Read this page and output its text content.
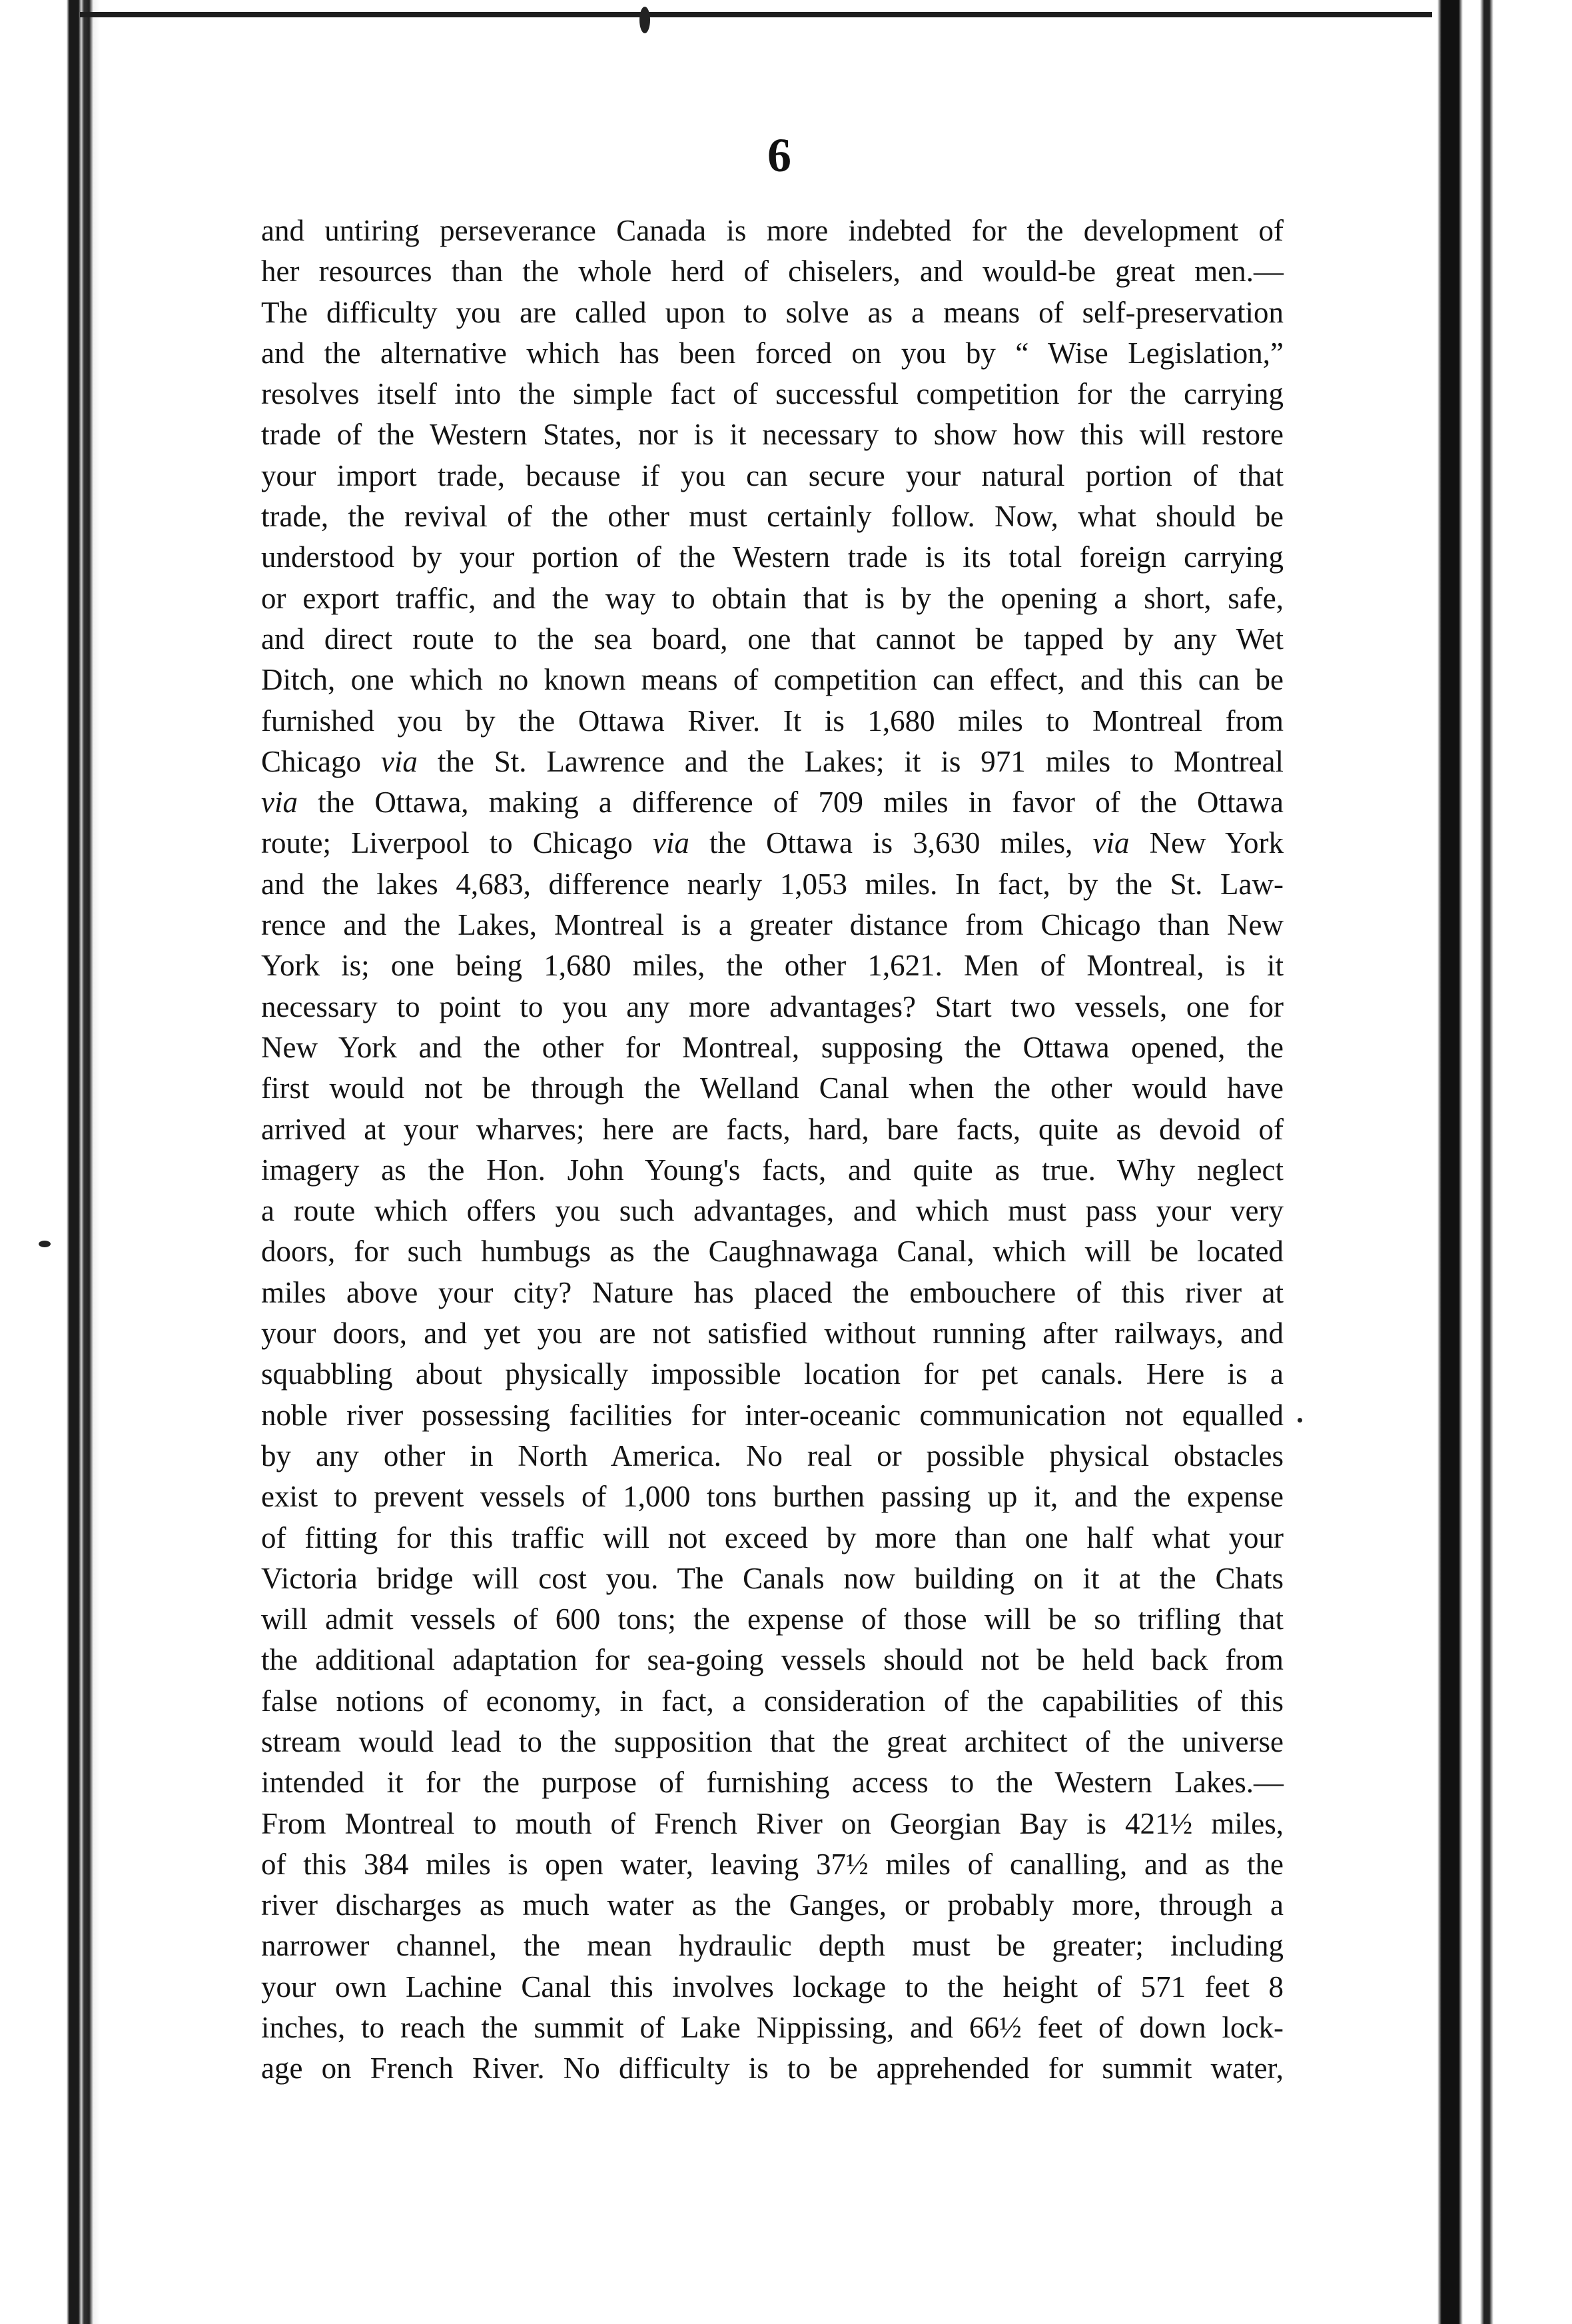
6
and untiring perseverance Canada is more indebted for the development of
her resources than the whole herd of chiselers, and would-be great men.—
The difficulty you are called upon to solve as a means of self-preservation
and the alternative which has been forced on you by “ Wise Legislation,”
resolves itself into the simple fact of successful competition for the carrying
trade of the Western States, nor is it necessary to show how this will restore
your import trade, because if you can secure your natural portion of that
trade, the revival of the other must certainly follow. Now, what should be
understood by your portion of the Western trade is its total foreign carrying
or export traffic, and the way to obtain that is by the opening a short, safe,
and direct route to the sea board, one that cannot be tapped by any Wet
Ditch, one which no known means of competition can effect, and this can be
furnished you by the Ottawa River. It is 1,680 miles to Montreal from
Chicago via the St. Lawrence and the Lakes; it is 971 miles to Montreal
via the Ottawa, making a difference of 709 miles in favor of the Ottawa
route; Liverpool to Chicago via the Ottawa is 3,630 miles, via New York
and the lakes 4,683, difference nearly 1,053 miles. In fact, by the St. Law-
rence and the Lakes, Montreal is a greater distance from Chicago than New
York is; one being 1,680 miles, the other 1,621. Men of Montreal, is it
necessary to point to you any more advantages? Start two vessels, one for
New York and the other for Montreal, supposing the Ottawa opened, the
first would not be through the Welland Canal when the other would have
arrived at your wharves; here are facts, hard, bare facts, quite as devoid of
imagery as the Hon. John Young's facts, and quite as true. Why neglect
a route which offers you such advantages, and which must pass your very
doors, for such humbugs as the Caughnawaga Canal, which will be located
miles above your city? Nature has placed the embouchere of this river at
your doors, and yet you are not satisfied without running after railways, and
squabbling about physically impossible location for pet canals. Here is a
noble river possessing facilities for inter-oceanic communication not equalled
by any other in North America. No real or possible physical obstacles
exist to prevent vessels of 1,000 tons burthen passing up it, and the expense
of fitting for this traffic will not exceed by more than one half what your
Victoria bridge will cost you. The Canals now building on it at the Chats
will admit vessels of 600 tons; the expense of those will be so trifling that
the additional adaptation for sea-going vessels should not be held back from
false notions of economy, in fact, a consideration of the capabilities of this
stream would lead to the supposition that the great architect of the universe
intended it for the purpose of furnishing access to the Western Lakes.—
From Montreal to mouth of French River on Georgian Bay is 421½ miles,
of this 384 miles is open water, leaving 37½ miles of canalling, and as the
river discharges as much water as the Ganges, or probably more, through a
narrower channel, the mean hydraulic depth must be greater; including
your own Lachine Canal this involves lockage to the height of 571 feet 8
inches, to reach the summit of Lake Nippissing, and 66½ feet of down lock-
age on French River. No difficulty is to be apprehended for summit water,
